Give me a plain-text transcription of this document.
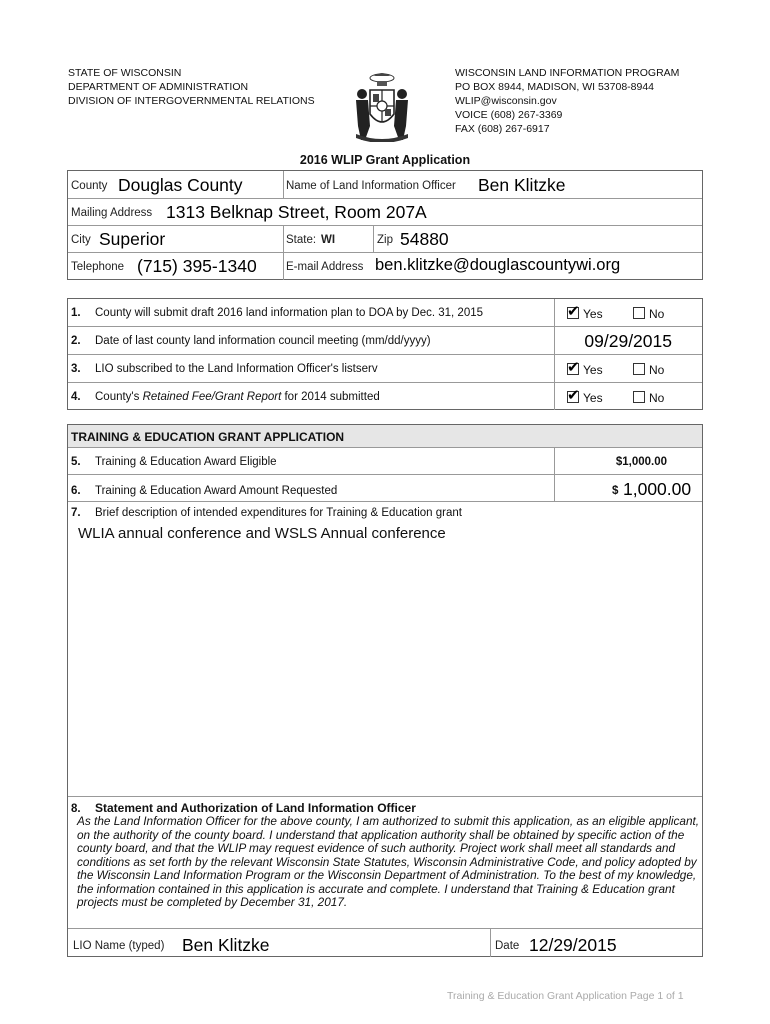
STATE OF WISCONSIN
DEPARTMENT OF ADMINISTRATION
DIVISION OF INTERGOVERNMENTAL RELATIONS
WISCONSIN LAND INFORMATION PROGRAM
PO BOX 8944, MADISON, WI 53708-8944
WLIP@wisconsin.gov
VOICE (608) 267-3369
FAX (608) 267-6917
2016 WLIP Grant Application
County Douglas County	Name of Land Information Officer Ben Klitzke
Mailing Address 1313 Belknap Street, Room 207A
City Superior	State: WI	Zip 54880
Telephone (715) 395-1340	E-mail Address ben.klitzke@douglascountywi.org
1. County will submit draft 2016 land information plan to DOA by Dec. 31, 2015 ✔	Yes	No
2. Date of last county land information council meeting (mm/dd/yyyy)	09/29/2015
3. LIO subscribed to the Land Information Officer's listserv ✔	Yes	No
4. County's Retained Fee/Grant Report for 2014 submitted ✔	Yes	No
TRAINING & EDUCATION GRANT APPLICATION
5. Training & Education Award Eligible	$1,000.00
6. Training & Education Award Amount Requested	$ 1,000.00
7. Brief description of intended expenditures for Training & Education grant
WLIA annual conference and WSLS Annual conference
8. Statement and Authorization of Land Information Officer
As the Land Information Officer for the above county, I am authorized to submit this application, as an eligible applicant, on the authority of the county board. I understand that application authority shall be obtained by specific action of the county board, and that the WLIP may request evidence of such authority. Project work shall meet all standards and conditions as set forth by the relevant Wisconsin State Statutes, Wisconsin Administrative Code, and policy adopted by the Wisconsin Land Information Program or the Wisconsin Department of Administration. To the best of my knowledge, the information contained in this application is accurate and complete. I understand that Training & Education grant projects must be completed by December 31, 2017.
LIO Name (typed) Ben Klitzke	Date 12/29/2015
Training & Education Grant Application Page 1 of 1
